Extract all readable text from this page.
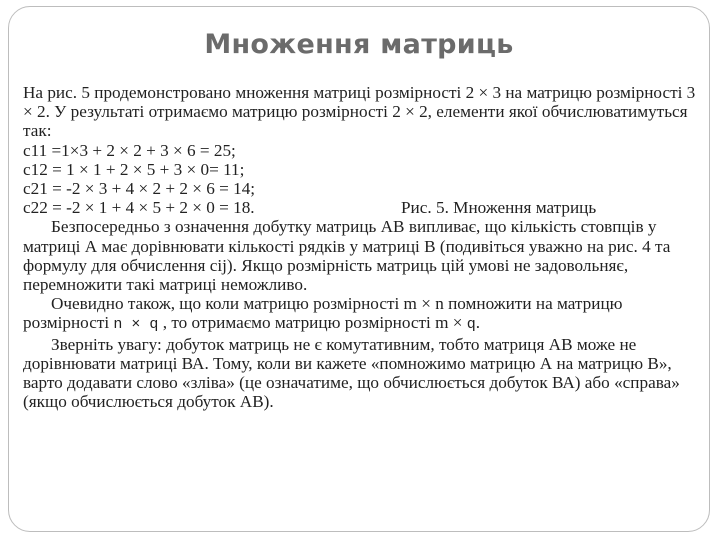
Множення матриць

На рис. 5 продемонстровано множення матриці розмірності 2 × 3 на матрицю розмірності 3 × 2. У результаті отримаємо матрицю розмірності 2 × 2, елементи якої обчислюватимуться так:

c11 =1×3 + 2 × 2 + 3 × 6 = 25;
c12 = 1 × 1 + 2 × 5 + 3 × 0= 11;
c21 = -2 × 3 + 4 × 2 + 2 × 6 = 14;
c22 = -2 × 1 + 4 × 5 + 2 × 0 = 18.	Рис. 5. Множення матриць

Безпосередньо з означення добутку матриць АВ випливає, що кількість стовпців у матриці А має дорівнювати кількості рядків у матриці В (подивіться уважно на рис. 4 та формулу для обчислення cij). Якщо розмірність матриць цій умові не задовольняє, перемножити такі матриці неможливо.

Очевидно також, що коли матрицю розмірності m × n помножити на матрицю розмірності n × q , то отримаємо матрицю розмірності m × q.

Зверніть увагу: добуток матриць не є комутативним, тобто матриця АВ може не дорівнювати матриці ВА. Тому, коли ви кажете «помножимо матрицю А на матрицю В», варто додавати слово «зліва» (це означатиме, що обчислюється добуток ВА) або «справа» (якщо обчислюється добуток АВ).
